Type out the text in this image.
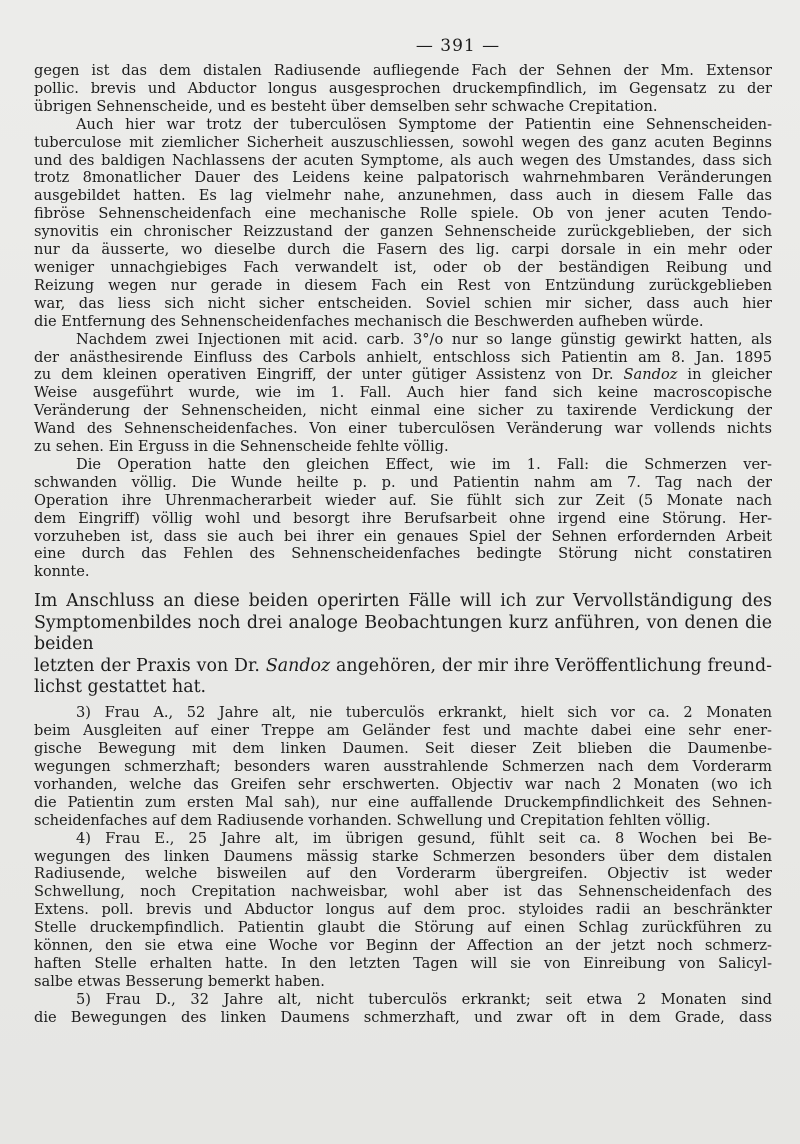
— 391 —

gegen ist das dem distalen Radiusende aufliegende Fach der Sehnen der Mm. Extensor
pollic. brevis und Abductor longus ausgesprochen druckempfindlich, im Gegensatz zu der
übrigen Sehnenscheide, und es besteht über demselben sehr schwache Crepitation.

Auch hier war trotz der tuberculösen Symptome der Patientin eine Sehnenscheiden-
tuberculose mit ziemlicher Sicherheit auszuschliessen, sowohl wegen des ganz acuten Beginns
und des baldigen Nachlassens der acuten Symptome, als auch wegen des Umstandes, dass sich
trotz 8monatlicher Dauer des Leidens keine palpatorisch wahrnehmbaren Veränderungen
ausgebildet hatten. Es lag vielmehr nahe, anzunehmen, dass auch in diesem Falle das
fibröse Sehnenscheidenfach eine mechanische Rolle spiele. Ob von jener acuten Tendo-
synovitis ein chronischer Reizzustand der ganzen Sehnenscheide zurückgeblieben, der sich
nur da äusserte, wo dieselbe durch die Fasern des lig. carpi dorsale in ein mehr oder
weniger unnachgiebiges Fach verwandelt ist, oder ob der beständigen Reibung und
Reizung wegen nur gerade in diesem Fach ein Rest von Entzündung zurückgeblieben
war, das liess sich nicht sicher entscheiden. Soviel schien mir sicher, dass auch hier
die Entfernung des Sehnenscheidenfaches mechanisch die Beschwerden aufheben würde.

Nachdem zwei Injectionen mit acid. carb. 3°/o nur so lange günstig gewirkt hatten, als
der anästhesirende Einfluss des Carbols anhielt, entschloss sich Patientin am 8. Jan. 1895
zu dem kleinen operativen Eingriff, der unter gütiger Assistenz von Dr. Sandoz in gleicher
Weise ausgeführt wurde, wie im 1. Fall. Auch hier fand sich keine macroscopische
Veränderung der Sehnenscheiden, nicht einmal eine sicher zu taxirende Verdickung der
Wand des Sehnenscheidenfaches. Von einer tuberculösen Veränderung war vollends nichts
zu sehen. Ein Erguss in die Sehnenscheide fehlte völlig.

Die Operation hatte den gleichen Effect, wie im 1. Fall: die Schmerzen ver-
schwanden völlig. Die Wunde heilte p. p. und Patientin nahm am 7. Tag nach der
Operation ihre Uhrenmacherarbeit wieder auf. Sie fühlt sich zur Zeit (5 Monate nach
dem Eingriff) völlig wohl und besorgt ihre Berufsarbeit ohne irgend eine Störung. Her-
vorzuheben ist, dass sie auch bei ihrer ein genaues Spiel der Sehnen erfordernden Arbeit
eine durch das Fehlen des Sehnenscheidenfaches bedingte Störung nicht constatiren
konnte.

Im Anschluss an diese beiden operirten Fälle will ich zur Vervollständigung des
Symptomenbildes noch drei analoge Beobachtungen kurz anführen, von denen die beiden
letzten der Praxis von Dr. Sandoz angehören, der mir ihre Veröffentlichung freund-
lichst gestattet hat.

3) Frau A., 52 Jahre alt, nie tuberculös erkrankt, hielt sich vor ca. 2 Monaten
beim Ausgleiten auf einer Treppe am Geländer fest und machte dabei eine sehr ener-
gische Bewegung mit dem linken Daumen. Seit dieser Zeit blieben die Daumenbe-
wegungen schmerzhaft; besonders waren ausstrahlende Schmerzen nach dem Vorderarm
vorhanden, welche das Greifen sehr erschwerten. Objectiv war nach 2 Monaten (wo ich
die Patientin zum ersten Mal sah), nur eine auffallende Druckempfindlichkeit des Sehnen-
scheidenfaches auf dem Radiusende vorhanden. Schwellung und Crepitation fehlten völlig.

4) Frau E., 25 Jahre alt, im übrigen gesund, fühlt seit ca. 8 Wochen bei Be-
wegungen des linken Daumens mässig starke Schmerzen besonders über dem distalen
Radiusende, welche bisweilen auf den Vorderarm übergreifen. Objectiv ist weder
Schwellung, noch Crepitation nachweisbar, wohl aber ist das Sehnenscheidenfach des
Extens. poll. brevis und Abductor longus auf dem proc. styloides radii an beschränkter
Stelle druckempfindlich. Patientin glaubt die Störung auf einen Schlag zurückführen zu
können, den sie etwa eine Woche vor Beginn der Affection an der jetzt noch schmerz-
haften Stelle erhalten hatte. In den letzten Tagen will sie von Einreibung von Salicyl-
salbe etwas Besserung bemerkt haben.

5) Frau D., 32 Jahre alt, nicht tuberculös erkrankt; seit etwa 2 Monaten sind
die Bewegungen des linken Daumens schmerzhaft, und zwar oft in dem Grade, dass
